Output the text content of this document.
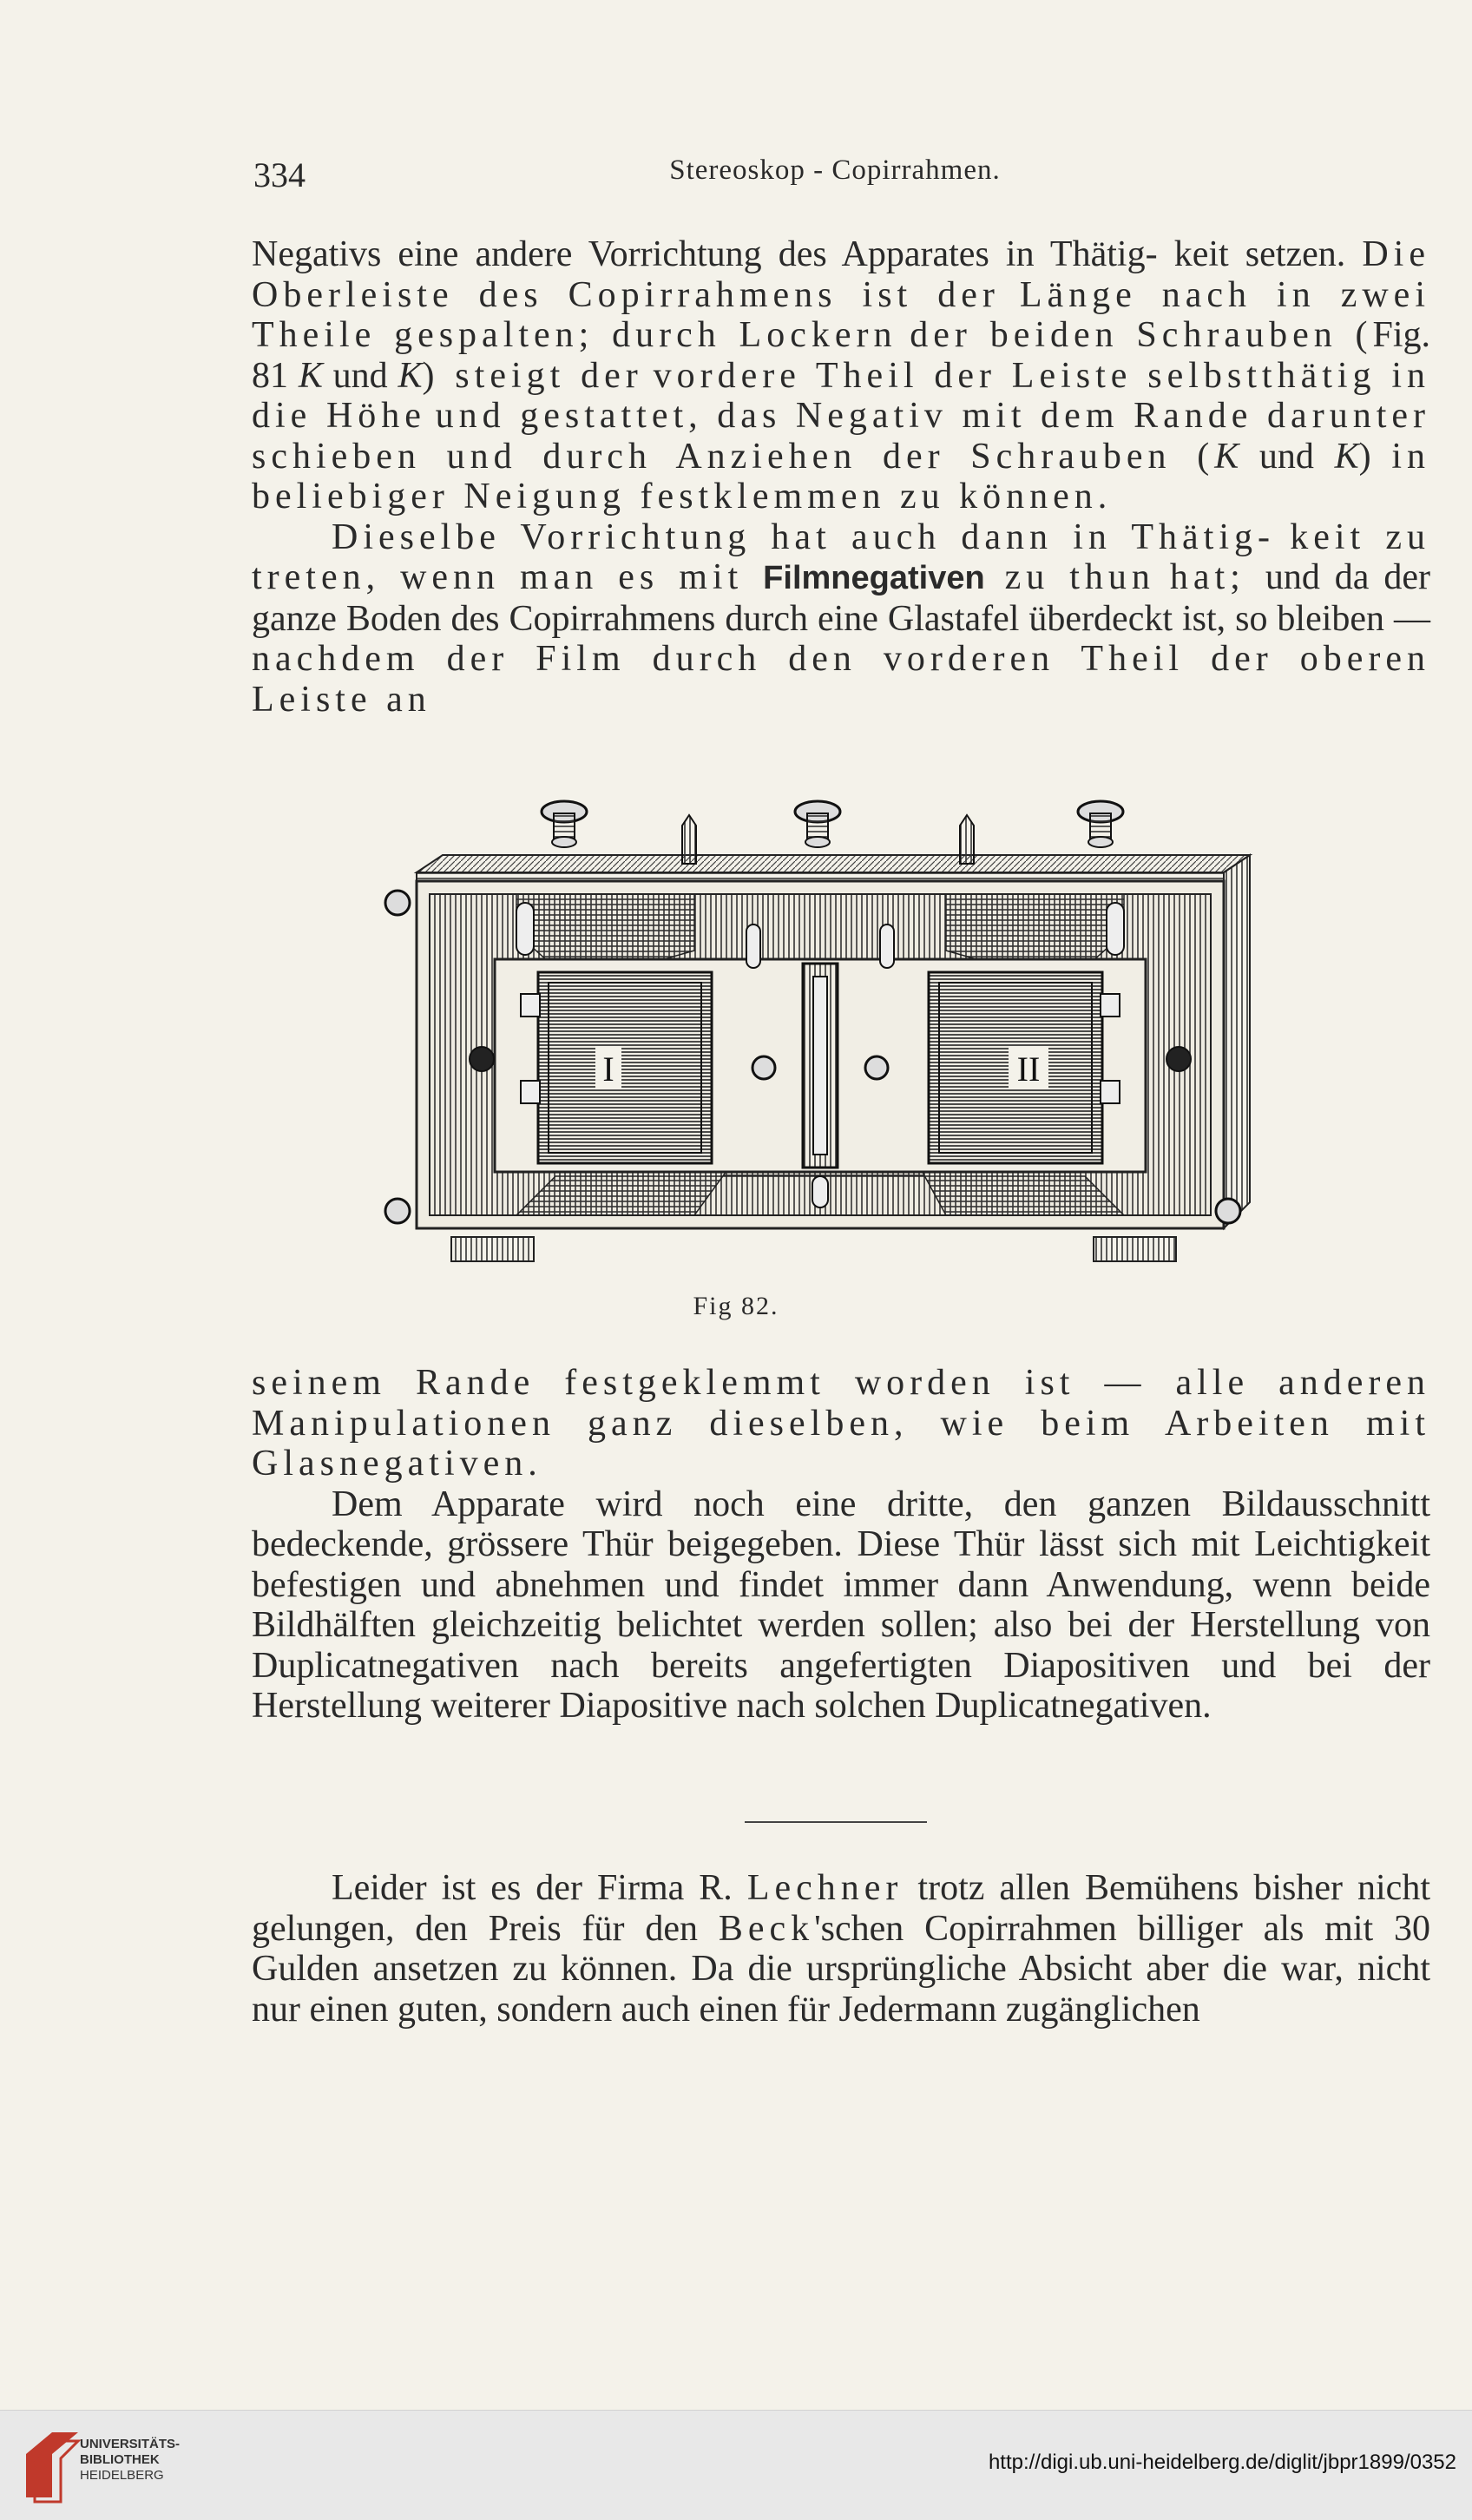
334	Stereoskop - Copirrahmen.

Negativs eine andere Vorrichtung des Apparates in Thätig- keit setzen. Die Oberleiste des Copirrahmens ist der Länge nach in zwei Theile gespalten; durch Lockern der beiden Schrauben (Fig. 81 K und K) steigt der vordere Theil der Leiste selbstthätig in die Höhe und gestattet, das Negativ mit dem Rande darunter schieben und durch Anziehen der Schrauben (K und K) in beliebiger Neigung festklemmen zu können.

Dieselbe Vorrichtung hat auch dann in Thätig- keit zu treten, wenn man es mit Filmnegativen zu thun hat; und da der ganze Boden des Copirrahmens durch eine Glastafel überdeckt ist, so bleiben — nachdem der Film durch den vorderen Theil der oberen Leiste an

I	II
Fig 82.

seinem Rande festgeklemmt worden ist — alle anderen Manipulationen ganz dieselben, wie beim Arbeiten mit Glasnegativen.

Dem Apparate wird noch eine dritte, den ganzen Bildausschnitt bedeckende, grössere Thür beigegeben. Diese Thür lässt sich mit Leichtigkeit befestigen und abnehmen und findet immer dann Anwendung, wenn beide Bildhälften gleichzeitig belichtet werden sollen; also bei der Herstellung von Duplicatnegativen nach bereits angefertigten Diapositiven und bei der Herstellung weiterer Diapositive nach solchen Duplicatnegativen.

Leider ist es der Firma R. Lechner trotz allen Bemühens bisher nicht gelungen, den Preis für den Beck'schen Copirrahmen billiger als mit 30 Gulden ansetzen zu können. Da die ursprüngliche Absicht aber die war, nicht nur einen guten, sondern auch einen für Jedermann zugänglichen

UNIVERSITÄTS-
BIBLIOTHEK
HEIDELBERG
http://digi.ub.uni-heidelberg.de/diglit/jbpr1899/0352
